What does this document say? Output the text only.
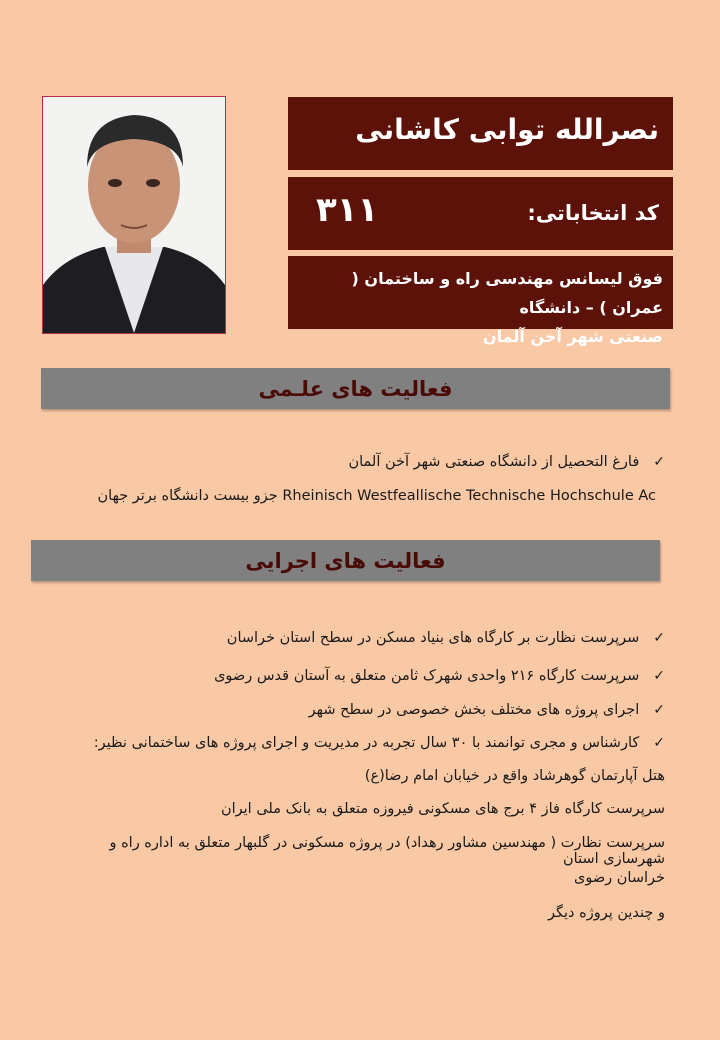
نصرالله توابی کاشانی
کد انتخاباتی:
۳۱۱
فوق لیسانس مهندسی راه و ساختمان ( عمران ) – دانشگاه
صنعتی شهر آخن آلمان
فعالیت های علـمی
✓فارغ التحصیل از دانشگاه صنعتی شهر آخن آلمان
Rheinisch Westfeallische Technische Hochschule Ac جزو بیست دانشگاه برتر جهان
فعالیت های اجرایی
✓سرپرست نظارت بر کارگاه های بنیاد مسکن در سطح استان خراسان
✓سرپرست کارگاه ۲۱۶ واحدی شهرک ثامن متعلق به آستان قدس رضوی
✓اجرای پروژه های مختلف بخش خصوصی در سطح شهر
✓کارشناس و مجری توانمند با ۳۰ سال تجربه در مدیریت و اجرای پروژه های ساختمانی نظیر:
هتل آپارتمان گوهرشاد واقع در خیابان امام رضا(ع)
سرپرست کارگاه فاز ۴ برج های مسکونی فیروزه متعلق به بانک ملی ایران
سرپرست نظارت ( مهندسین مشاور رهداد) در پروژه مسکونی در گلبهار متعلق به اداره راه و شهرسازی استان
خراسان رضوی
و چندین پروژه دیگر
